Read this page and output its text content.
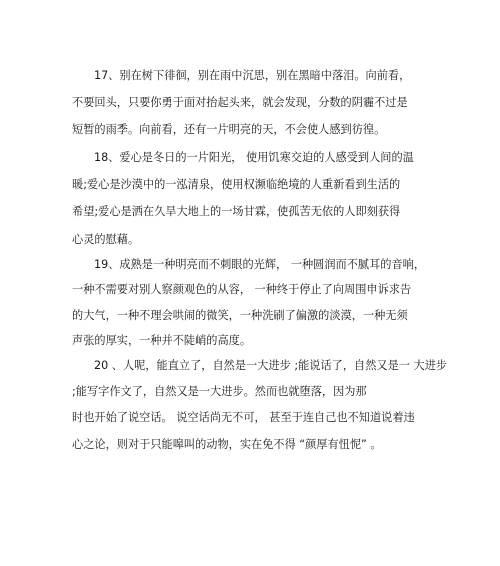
17、别在树下徘徊，别在雨中沉思，别在黑暗中落泪。向前看，
不要回头，只要你勇于面对抬起头来，就会发现，分数的阴霾不过是
短暂的雨季。向前看，还有一片明亮的天，不会使人感到彷徨。
18、爱心是冬日的一片阳光， 使用饥寒交迫的人感受到人间的温
暖;爱心是沙漠中的一泓清泉，使用权濒临绝境的人重新看到生活的
希望;爱心是洒在久旱大地上的一场甘霖，使孤苦无依的人即刻获得
心灵的慰藉。
19、成熟是一种明亮而不刺眼的光辉， 一种圆润而不腻耳的音响，
一种不需要对别人察颜观色的从容， 一种终于停止了向周围申诉求告
的大气，一种不理会哄闹的微笑，一种洗刷了偏激的淡漠，一种无须
声张的厚实，一种并不陡峭的高度。
20 、人呢，能直立了，自然是一大进步 ;能说话了，自然又是一 大进步
;能写字作文了，自然又是一大进步。然而也就堕落，因为那
时也开始了说空话。 说空话尚无不可， 甚至于连自己也不知道说着违
心之论，则对于只能嗥叫的动物，实在免不得 “颜厚有忸怩” 。
